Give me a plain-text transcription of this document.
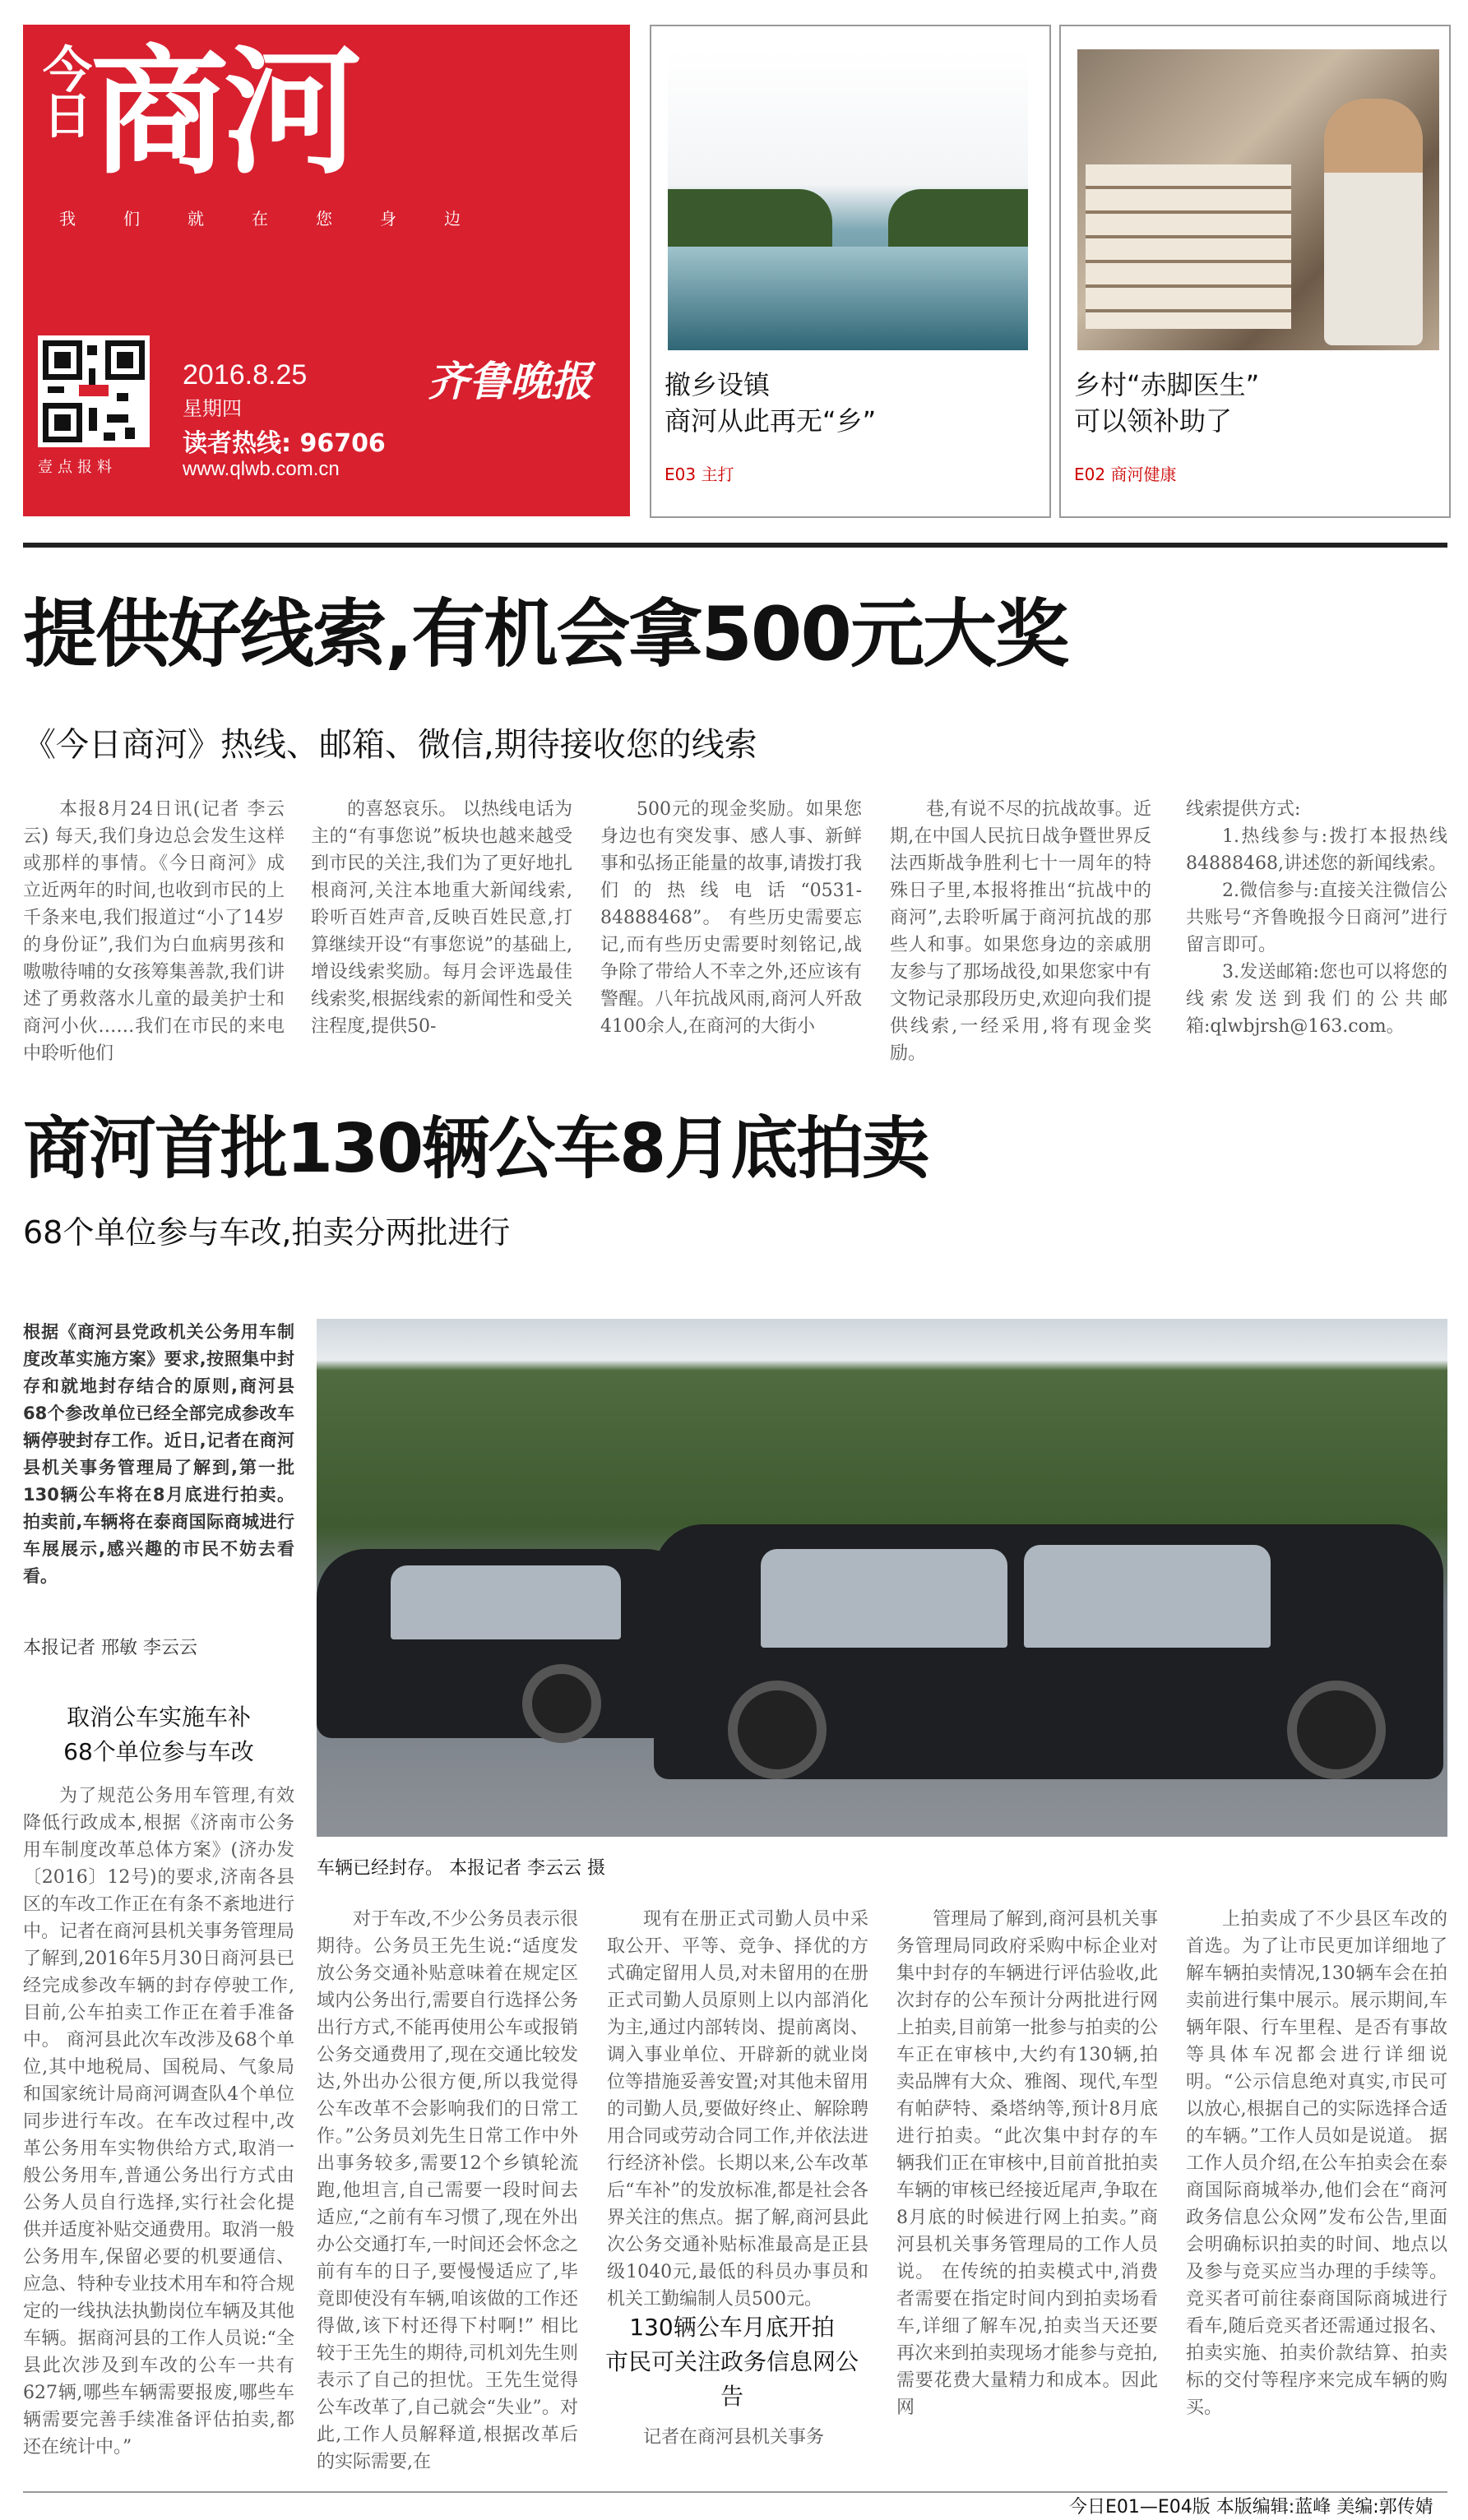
今日
商河
我们就在您身边
壹点报料
2016.8.25
星期四
读者热线: 96706
www.qlwb.com.cn
齐鲁晚报	撤乡设镇
商河从此再无“乡”
E03 主打
乡村“赤脚医生”
可以领补助了
E02 商河健康
提供好线索,有机会拿500元大奖
《今日商河》热线、邮箱、微信,期待接收您的线索

本报8月24日讯(记者 李云云) 每天,我们身边总会发生这样或那样的事情。《今日商河》成立近两年的时间,也收到市民的上千条来电,我们报道过“小了14岁的身份证”,我们为白血病男孩和嗷嗷待哺的女孩筹集善款,我们讲述了勇救落水儿童的最美护士和商河小伙……我们在市民的来电中聆听他们

的喜怒哀乐。 以热线电话为主的“有事您说”板块也越来越受到市民的关注,我们为了更好地扎根商河,关注本地重大新闻线索,聆听百姓声音,反映百姓民意,打算继续开设“有事您说”的基础上,增设线索奖励。每月会评选最佳线索奖,根据线索的新闻性和受关注程度,提供50-

500元的现金奖励。如果您身边也有突发事、感人事、新鲜事和弘扬正能量的故事,请拨打我们的热线电话“0531-84888468”。 有些历史需要忘记,而有些历史需要时刻铭记,战争除了带给人不幸之外,还应该有警醒。八年抗战风雨,商河人歼敌4100余人,在商河的大街小

巷,有说不尽的抗战故事。近期,在中国人民抗日战争暨世界反法西斯战争胜利七十一周年的特殊日子里,本报将推出“抗战中的商河”,去聆听属于商河抗战的那些人和事。如果您身边的亲戚朋友参与了那场战役,如果您家中有文物记录那段历史,欢迎向我们提供线索,一经采用,将有现金奖励。

线索提供方式:

1.热线参与:拨打本报热线84888468,讲述您的新闻线索。

2.微信参与:直接关注微信公共账号“齐鲁晚报今日商河”进行留言即可。

3.发送邮箱:您也可以将您的线索发送到我们的公共邮箱:qlwbjrsh@163.com。

商河首批130辆公车8月底拍卖
68个单位参与车改,拍卖分两批进行
根据《商河县党政机关公务用车制度改革实施方案》要求,按照集中封存和就地封存结合的原则,商河县68个参改单位已经全部完成参改车辆停驶封存工作。近日,记者在商河县机关事务管理局了解到,第一批130辆公车将在8月底进行拍卖。拍卖前,车辆将在泰商国际商城进行车展展示,感兴趣的市民不妨去看看。
本报记者 邢敏 李云云
取消公车实施车补
68个单位参与车改
车辆已经封存。 本报记者 李云云 摄

为了规范公务用车管理,有效降低行政成本,根据《济南市公务用车制度改革总体方案》(济办发〔2016〕12号)的要求,济南各县区的车改工作正在有条不紊地进行中。记者在商河县机关事务管理局了解到,2016年5月30日商河县已经完成参改车辆的封存停驶工作,目前,公车拍卖工作正在着手准备中。 商河县此次车改涉及68个单位,其中地税局、国税局、气象局和国家统计局商河调查队4个单位同步进行车改。在车改过程中,改革公务用车实物供给方式,取消一般公务用车,普通公务出行方式由公务人员自行选择,实行社会化提供并适度补贴交通费用。取消一般公务用车,保留必要的机要通信、应急、特种专业技术用车和符合规定的一线执法执勤岗位车辆及其他车辆。据商河县的工作人员说:“全县此次涉及到车改的公车一共有627辆,哪些车辆需要报废,哪些车辆需要完善手续准备评估拍卖,都还在统计中。”

对于车改,不少公务员表示很期待。公务员王先生说:“适度发放公务交通补贴意味着在规定区域内公务出行,需要自行选择公务出行方式,不能再使用公车或报销公务交通费用了,现在交通比较发达,外出办公很方便,所以我觉得公车改革不会影响我们的日常工作。”公务员刘先生日常工作中外出事务较多,需要12个乡镇轮流跑,他坦言,自己需要一段时间去适应,“之前有车习惯了,现在外出办公交通打车,一时间还会怀念之前有车的日子,要慢慢适应了,毕竟即使没有车辆,咱该做的工作还得做,该下村还得下村啊!” 相比较于王先生的期待,司机刘先生则表示了自己的担忧。王先生觉得公车改革了,自己就会“失业”。对此,工作人员解释道,根据改革后的实际需要,在

现有在册正式司勤人员中采取公开、平等、竞争、择优的方式确定留用人员,对未留用的在册正式司勤人员原则上以内部消化为主,通过内部转岗、提前离岗、调入事业单位、开辟新的就业岗位等措施妥善安置;对其他未留用的司勤人员,要做好终止、解除聘用合同或劳动合同工作,并依法进行经济补偿。长期以来,公车改革后“车补”的发放标准,都是社会各界关注的焦点。据了解,商河县此次公务交通补贴标准最高是正县级1040元,最低的科员办事员和机关工勤编制人员500元。

130辆公车月底开拍
市民可关注政务信息网公告

记者在商河县机关事务

管理局了解到,商河县机关事务管理局同政府采购中标企业对集中封存的车辆进行评估验收,此次封存的公车预计分两批进行网上拍卖,目前第一批参与拍卖的公车正在审核中,大约有130辆,拍卖品牌有大众、雅阁、现代,车型有帕萨特、桑塔纳等,预计8月底进行拍卖。“此次集中封存的车辆我们正在审核中,目前首批拍卖车辆的审核已经接近尾声,争取在8月底的时候进行网上拍卖。”商河县机关事务管理局的工作人员说。 在传统的拍卖模式中,消费者需要在指定时间内到拍卖场看车,详细了解车况,拍卖当天还要再次来到拍卖现场才能参与竞拍,需要花费大量精力和成本。因此网

上拍卖成了不少县区车改的首选。为了让市民更加详细地了解车辆拍卖情况,130辆车会在拍卖前进行集中展示。展示期间,车辆年限、行车里程、是否有事故等具体车况都会进行详细说明。“公示信息绝对真实,市民可以放心,根据自己的实际选择合适的车辆。”工作人员如是说道。 据工作人员介绍,在公车拍卖会在泰商国际商城举办,他们会在“商河政务信息公众网”发布公告,里面会明确标识拍卖的时间、地点以及参与竞买应当办理的手续等。竞买者可前往泰商国际商城进行看车,随后竞买者还需通过报名、拍卖实施、拍卖价款结算、拍卖标的交付等程序来完成车辆的购买。

今日E01—E04版 本版编辑:蓝峰 美编:郭传婧
